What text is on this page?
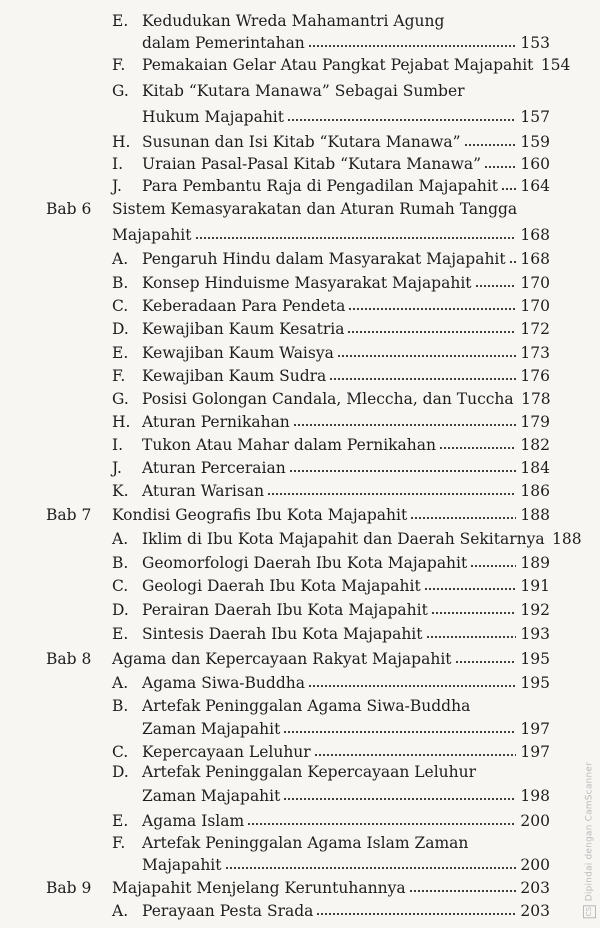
E. Kedudukan Wreda Mahamantri Agung
dalam Pemerintahan	153
F.	Pemakaian Gelar Atau Pangkat Pejabat Majapahit 154
G. Kitab “Kutara Manawa” Sebagai Sumber
Hukum Majapahit	157
H. Susunan dan Isi Kitab “Kutara Manawa”	159
I.	Uraian Pasal-Pasal Kitab “Kutara Manawa”	160
J.	Para Pembantu Raja di Pengadilan Majapahit 164
Bab 6	Sistem Kemasyarakatan dan Aturan Rumah Tangga
Majapahit	168
A. Pengaruh Hindu dalam Masyarakat Majapahit 168
B. Konsep Hinduisme Masyarakat Majapahit	170
C. Keberadaan Para Pendeta	170
D. Kewajiban Kaum Kesatria	172
E. Kewajiban Kaum Waisya	173
F.	Kewajiban Kaum Sudra	176
G. Posisi Golongan Candala, Mleccha, dan Tuccha 178
H. Aturan Pernikahan	179
I.	Tukon Atau Mahar dalam Pernikahan	182
J.	Aturan Perceraian	184
K. Aturan Warisan	186
Bab 7	Kondisi Geografis Ibu Kota Majapahit	188
A. Iklim di Ibu Kota Majapahit dan Daerah Sekitarnya 188
B. Geomorfologi Daerah Ibu Kota Majapahit	189
C. Geologi Daerah Ibu Kota Majapahit	191
D. Perairan Daerah Ibu Kota Majapahit	192
E. Sintesis Daerah Ibu Kota Majapahit	193
Bab 8	Agama dan Kepercayaan Rakyat Majapahit	195
A. Agama Siwa-Buddha	195
B. Artefak Peninggalan Agama Siwa-Buddha
Zaman Majapahit	197
C. Kepercayaan Leluhur	197
D. Artefak Peninggalan Kepercayaan Leluhur
Zaman Majapahit	198
E. Agama Islam	200
F.	Artefak Peninggalan Agama Islam Zaman
Majapahit	200
Bab 9	Majapahit Menjelang Keruntuhannya	203
A. Perayaan Pesta Srada	203	CS
Dipindai dengan CamScanner
